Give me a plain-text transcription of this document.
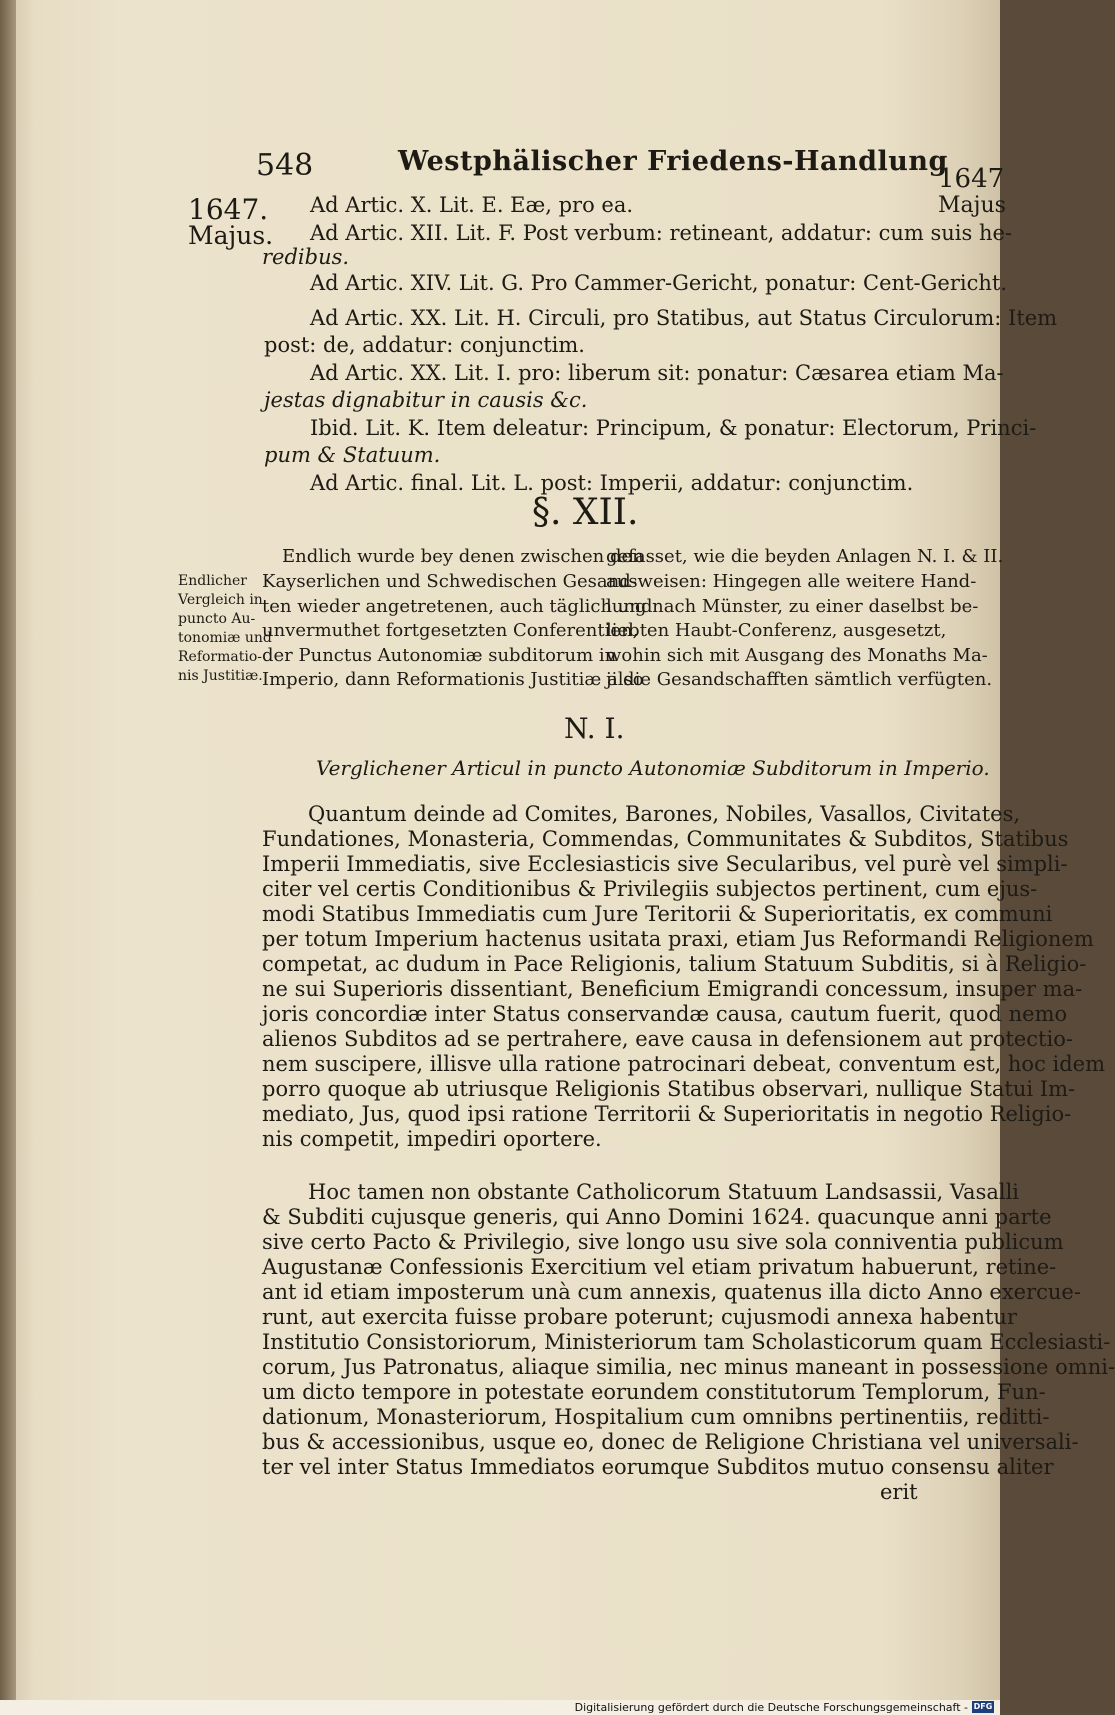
548	Westphälischer Friedens-Handlung
1647.
Majus.
1647
Majus
Ad Artic. X. Lit. E. Eæ, pro ea.
Ad Artic. XII. Lit. F. Post verbum: retineant, addatur: cum suis he-
redibus.
Ad Artic. XIV. Lit. G. Pro Cammer-Gericht, ponatur: Cent-Gericht.
Ad Artic. XX. Lit. H. Circuli, pro Statibus, aut Status Circulorum: Item
post: de, addatur: conjunctim.
Ad Artic. XX. Lit. I. pro: liberum sit: ponatur: Cæsarea etiam Ma-
jestas dignabitur in causis &c.
Ibid. Lit. K. Item deleatur: Principum, & ponatur: Electorum, Princi-
pum & Statuum.
Ad Artic. final. Lit. L. post: Imperii, addatur: conjunctim.
§. XII.
Endlicher
Vergleich in
puncto Au-
tonomiæ und
Reformatio-
nis Justitiæ.
Endlich wurde bey denen zwischen den
Kayserlichen und Schwedischen Gesand-
ten wieder angetretenen, auch täglich und
unvermuthet fortgesetzten Conferentien,
der Punctus Autonomiæ subditorum in
Imperio, dann Reformationis Justitiæ also
gefasset, wie die beyden Anlagen N. I. & II.
ausweisen: Hingegen alle weitere Hand-
lung nach Münster, zu einer daselbst be-
liebten Haubt-Conferenz, ausgesetzt,
wohin sich mit Ausgang des Monaths Ma-
ji die Gesandschafften sämtlich verfügten.
N. I.
Verglichener Articul in puncto Autonomiæ Subditorum in Imperio.
Quantum deinde ad Comites, Barones, Nobiles, Vasallos, Civitates,
Fundationes, Monasteria, Commendas, Communitates & Subditos, Statibus
Imperii Immediatis, sive Ecclesiasticis sive Secularibus, vel purè vel simpli-
citer vel certis Conditionibus & Privilegiis subjectos pertinent, cum ejus-
modi Statibus Immediatis cum Jure Teritorii & Superioritatis, ex communi
per totum Imperium hactenus usitata praxi, etiam Jus Reformandi Religionem
competat, ac dudum in Pace Religionis, talium Statuum Subditis, si à Religio-
ne sui Superioris dissentiant, Beneficium Emigrandi concessum, insuper ma-
joris concordiæ inter Status conservandæ causa, cautum fuerit, quod nemo
alienos Subditos ad se pertrahere, eave causa in defensionem aut protectio-
nem suscipere, illisve ulla ratione patrocinari debeat, conventum est, hoc idem
porro quoque ab utriusque Religionis Statibus observari, nullique Statui Im-
mediato, Jus, quod ipsi ratione Territorii & Superioritatis in negotio Religio-
nis competit, impediri oportere.
Hoc tamen non obstante Catholicorum Statuum Landsassii, Vasalli
& Subditi cujusque generis, qui Anno Domini 1624. quacunque anni parte
sive certo Pacto & Privilegio, sive longo usu sive sola conniventia publicum
Augustanæ Confessionis Exercitium vel etiam privatum habuerunt, retine-
ant id etiam imposterum unà cum annexis, quatenus illa dicto Anno exercue-
runt, aut exercita fuisse probare poterunt; cujusmodi annexa habentur
Institutio Consistoriorum, Ministeriorum tam Scholasticorum quam Ecclesiasti-
corum, Jus Patronatus, aliaque similia, nec minus maneant in possessione omni-
um dicto tempore in potestate eorundem constitutorum Templorum, Fun-
dationum, Monasteriorum, Hospitalium cum omnibns pertinentiis, reditti-
bus & accessionibus, usque eo, donec de Religione Christiana vel universali-
ter vel inter Status Immediatos eorumque Subditos mutuo consensu aliter
erit
Digitalisierung gefördert durch die Deutsche Forschungsgemeinschaft - DFG
